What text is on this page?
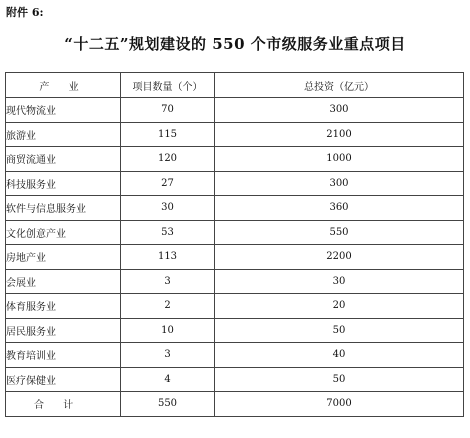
附件 6:
“十二五”规划建设的 550 个市级服务业重点项目
产 业	项目数量（个）	总投资（亿元）
现代物流业	70	300
旅游业	115	2100
商贸流通业	120	1000
科技服务业	27	300
软件与信息服务业	30	360
文化创意产业	53	550
房地产业	113	2200
会展业	3	30
体育服务业	2	20
居民服务业	10	50
教育培训业	3	40
医疗保健业	4	50
合 计	550	7000
